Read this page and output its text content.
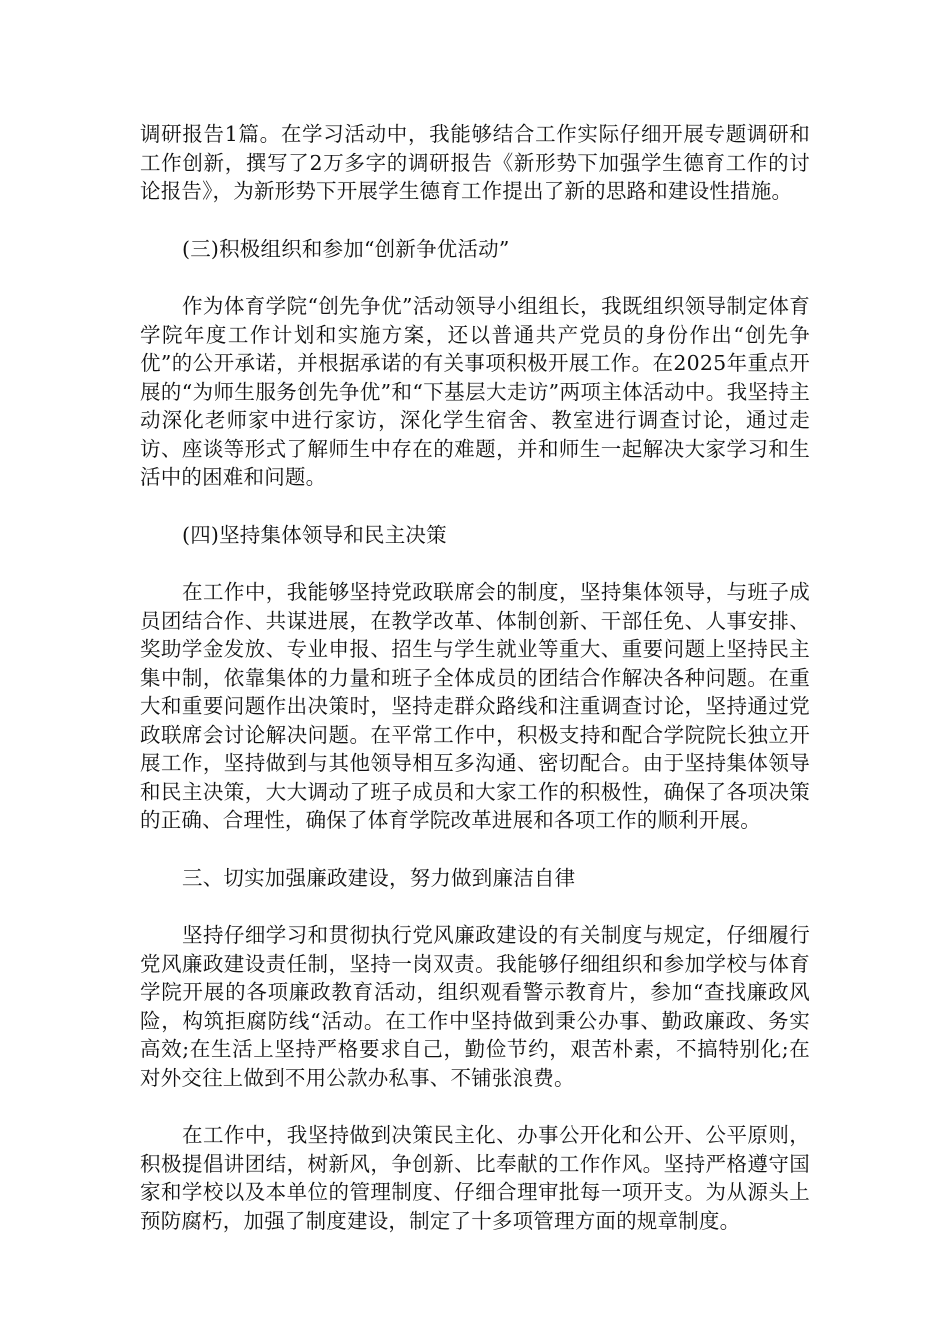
调研报告1篇。在学习活动中，我能够结合工作实际仔细开展专题调研和工作创新，撰写了2万多字的调研报告《新形势下加强学生德育工作的讨论报告》，为新形势下开展学生德育工作提出了新的思路和建设性措施。

(三)积极组织和参加“创新争优活动”

作为体育学院“创先争优”活动领导小组组长，我既组织领导制定体育学院年度工作计划和实施方案，还以普通共产党员的身份作出“创先争优”的公开承诺，并根据承诺的有关事项积极开展工作。在2025年重点开展的“为师生服务创先争优”和“下基层大走访”两项主体活动中。我坚持主动深化老师家中进行家访，深化学生宿舍、教室进行调查讨论，通过走访、座谈等形式了解师生中存在的难题，并和师生一起解决大家学习和生活中的困难和问题。

(四)坚持集体领导和民主决策

在工作中，我能够坚持党政联席会的制度，坚持集体领导，与班子成员团结合作、共谋进展，在教学改革、体制创新、干部任免、人事安排、奖助学金发放、专业申报、招生与学生就业等重大、重要问题上坚持民主集中制，依靠集体的力量和班子全体成员的团结合作解决各种问题。在重大和重要问题作出决策时，坚持走群众路线和注重调查讨论，坚持通过党政联席会讨论解决问题。在平常工作中，积极支持和配合学院院长独立开展工作，坚持做到与其他领导相互多沟通、密切配合。由于坚持集体领导和民主决策，大大调动了班子成员和大家工作的积极性，确保了各项决策的正确、合理性，确保了体育学院改革进展和各项工作的顺利开展。

三、切实加强廉政建设，努力做到廉洁自律

坚持仔细学习和贯彻执行党风廉政建设的有关制度与规定，仔细履行党风廉政建设责任制，坚持一岗双责。我能够仔细组织和参加学校与体育学院开展的各项廉政教育活动，组织观看警示教育片，参加“查找廉政风险，构筑拒腐防线“活动。在工作中坚持做到秉公办事、勤政廉政、务实高效;在生活上坚持严格要求自己，勤俭节约，艰苦朴素，不搞特别化;在对外交往上做到不用公款办私事、不铺张浪费。

在工作中，我坚持做到决策民主化、办事公开化和公开、公平原则，积极提倡讲团结，树新风，争创新、比奉献的工作作风。坚持严格遵守国家和学校以及本单位的管理制度、仔细合理审批每一项开支。为从源头上预防腐朽，加强了制度建设，制定了十多项管理方面的规章制度。
